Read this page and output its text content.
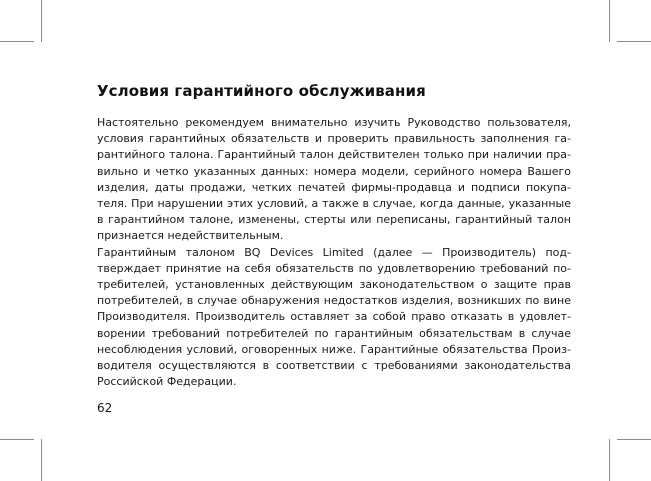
Условия гарантийного обслуживания
Настоятельно рекомендуем внимательно изучить Руководство пользователя,
условия гарантийных обязательств и проверить правильность заполнения га-
рантийного талона. Гарантийный талон действителен только при наличии пра-
вильно и четко указанных данных: номера модели, серийного номера Вашего
изделия, даты продажи, четких печатей фирмы-продавца и подписи покупа-
теля. При нарушении этих условий, а также в случае, когда данные, указанные
в гарантийном талоне, изменены, стерты или переписаны, гарантийный талон
признается недействительным.
Гарантийным талоном BQ Devices Limited (далее — Производитель) под-
тверждает принятие на себя обязательств по удовлетворению требований по-
требителей, установленных действующим законодательством о защите прав
потребителей, в случае обнаружения недостатков изделия, возникших по вине
Производителя. Производитель оставляет за собой право отказать в удовлет-
ворении требований потребителей по гарантийным обязательствам в случае
несоблюдения условий, оговоренных ниже. Гарантийные обязательства Произ-
водителя осуществляются в соответствии с требованиями законодательства
Российской Федерации.
62
